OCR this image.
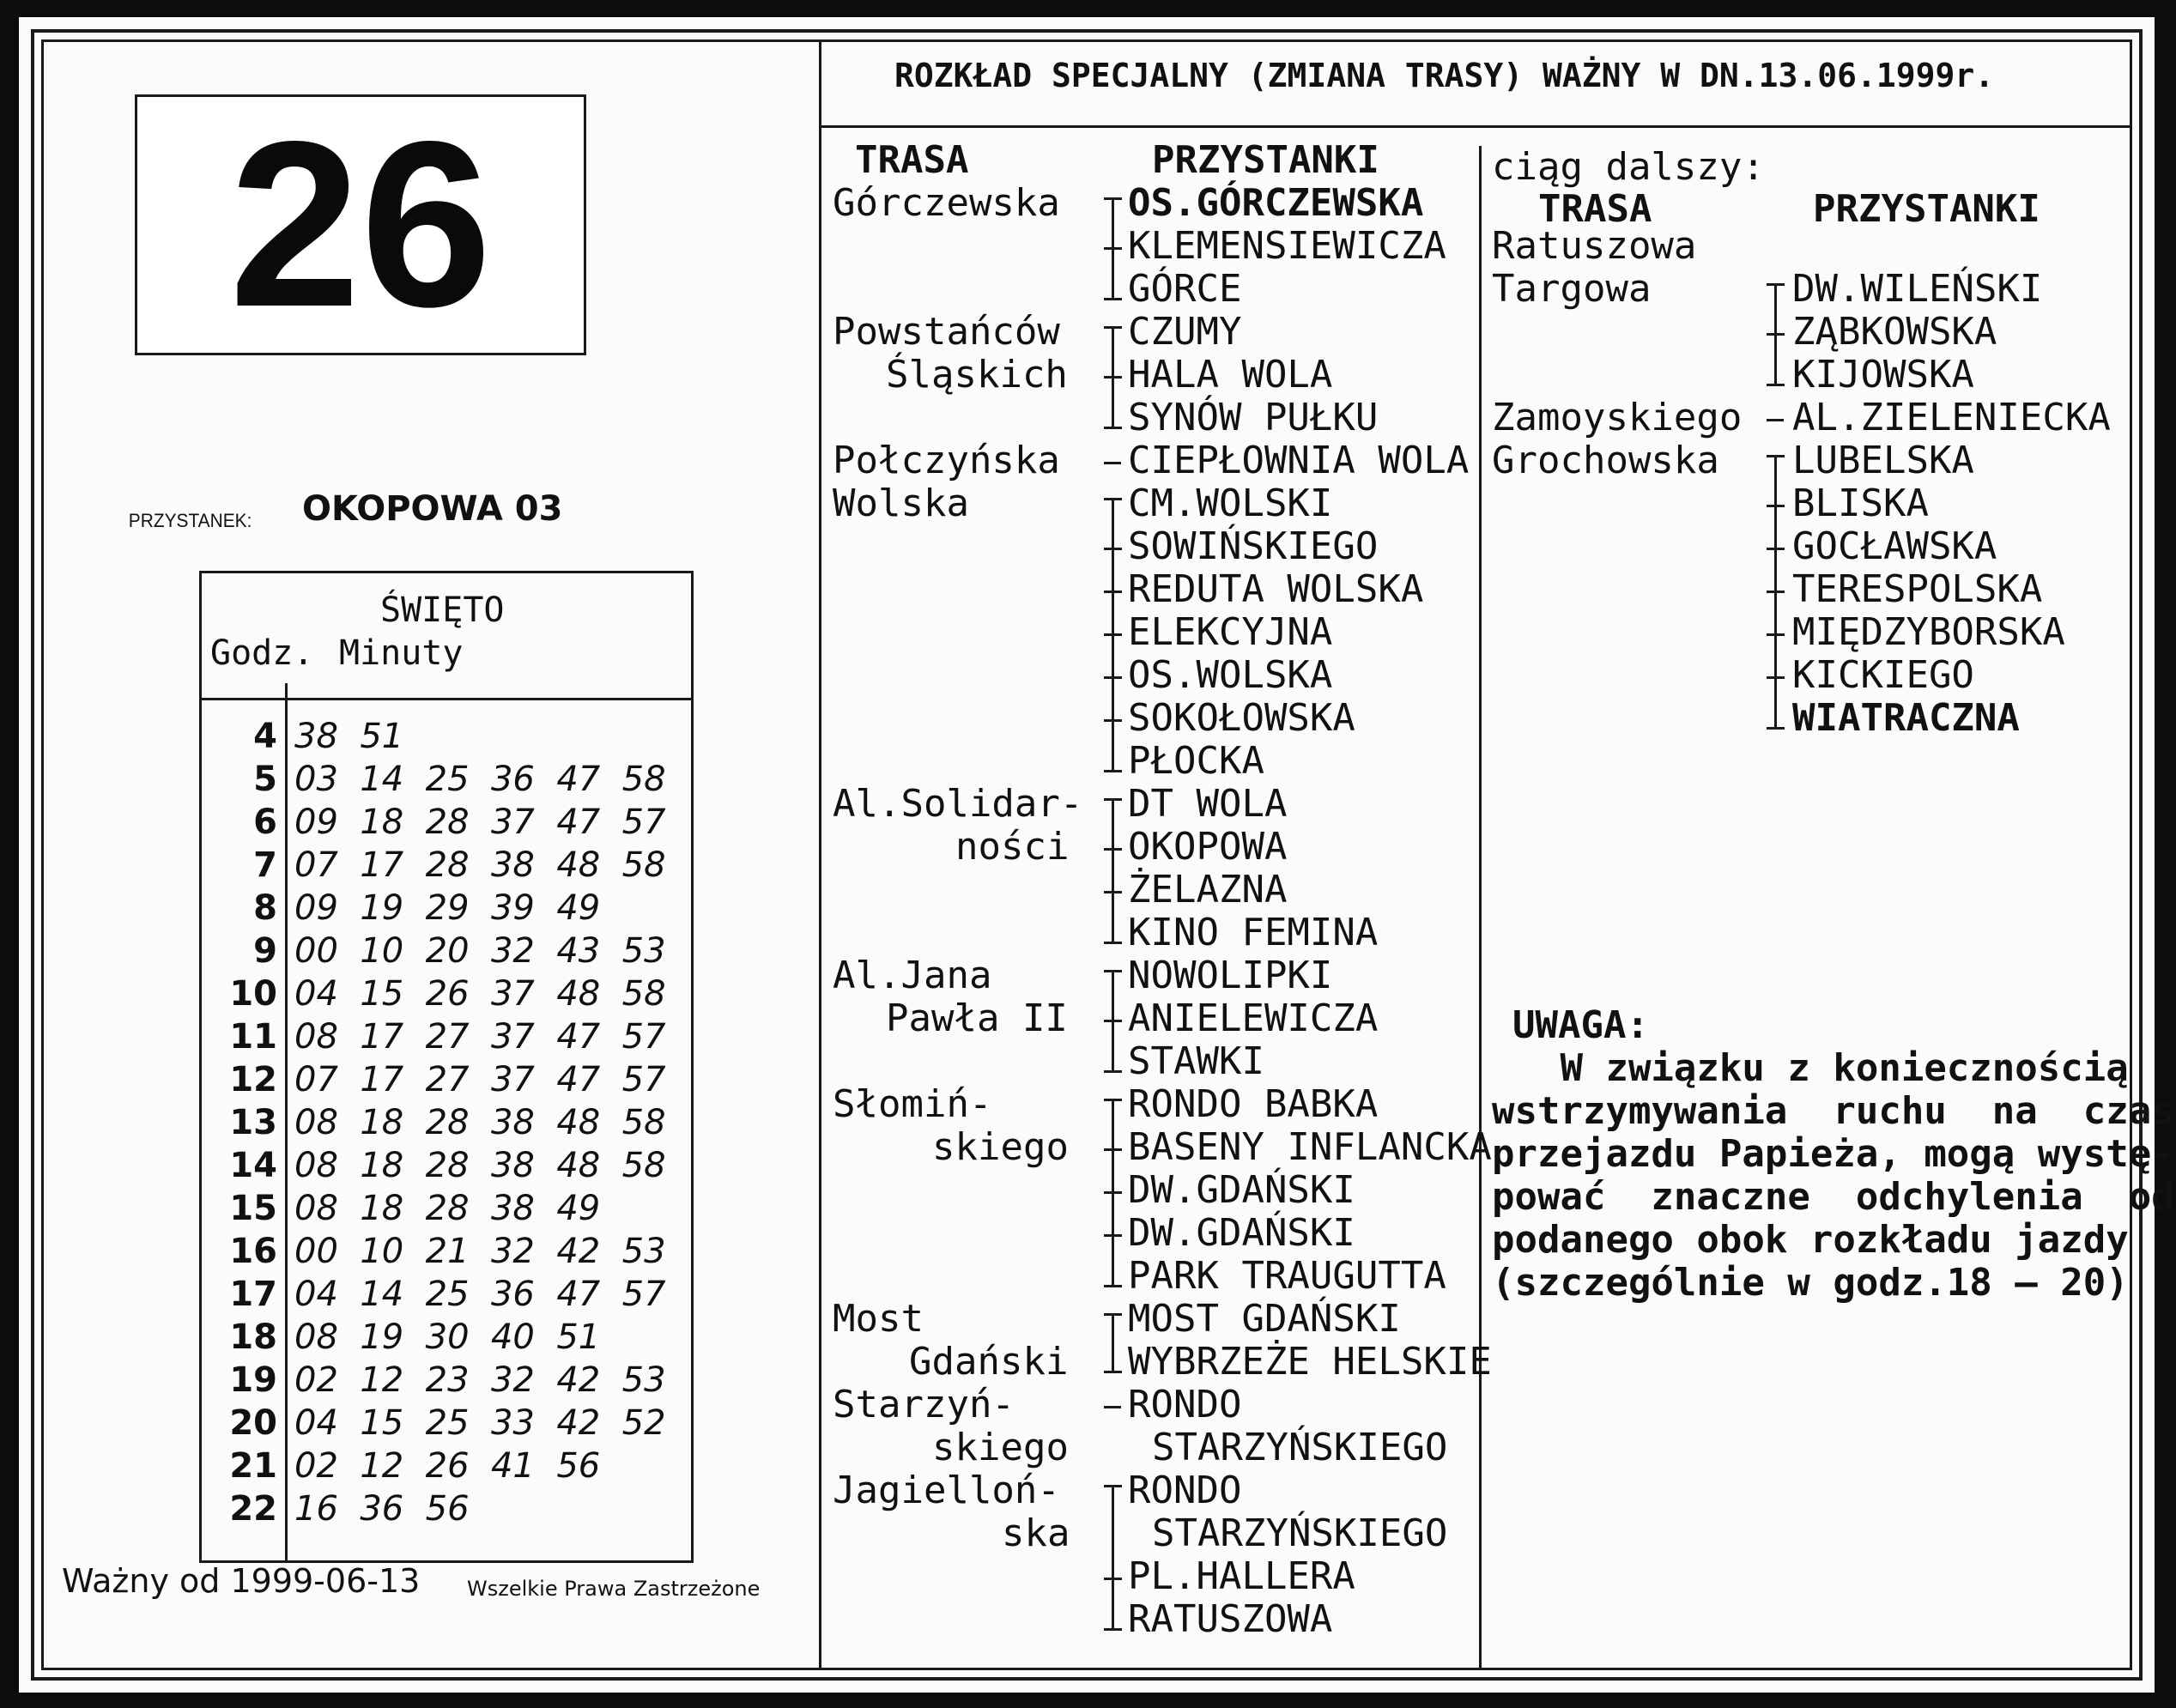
26
PRZYSTANEK: OKOPOWA 03
ŚWIĘTO
Godz. Minuty
4 38  51
5 03  14  25  36  47  58
6 09  18  28  37  47  57
7 07  17  28  38  48  58
8 09  19  29  39  49
9 00  10  20  32  43  53
10 04  15  26  37  48  58
11 08  17  27  37  47  57
12 07  17  27  37  47  57
13 08  18  28  38  48  58
14 08  18  28  38  48  58
15 08  18  28  38  49
16 00  10  21  32  42  53
17 04  14  25  36  47  57
18 08  19  30  40  51
19 02  12  23  32  42  53
20 04  15  25  33  42  52
21 02  12  26  41  56
22 16  36  56
Ważny od 1999-06-13 Wszelkie Prawa Zastrzeżone
ROZKŁAD SPECJALNY (ZMIANA TRASY) WAŻNY W DN.13.06.1999r.
TRASA	PRZYSTANKI
Górczewska
Powstańców
Śląskich
Połczyńska
Wolska
Al.Solidar-
ności
Al.Jana
Pawła II
Słomiń-
skiego
Most
Gdański
Starzyń-
skiego
Jagielloń-
ska
OS.GÓRCZEWSKA
KLEMENSIEWICZA
GÓRCE
CZUMY
HALA WOLA
SYNÓW PUŁKU
CIEPŁOWNIA WOLA
CM.WOLSKI
SOWIŃSKIEGO
REDUTA WOLSKA
ELEKCYJNA
OS.WOLSKA
SOKOŁOWSKA
PŁOCKA
DT WOLA
OKOPOWA
ŻELAZNA
KINO FEMINA
NOWOLIPKI
ANIELEWICZA
STAWKI
RONDO BABKA
BASENY INFLANCKA
DW.GDAŃSKI
DW.GDAŃSKI
PARK TRAUGUTTA
MOST GDAŃSKI
WYBRZEŻE HELSKIE
RONDO
STARZYŃSKIEGO
RONDO
STARZYŃSKIEGO
PL.HALLERA
RATUSZOWA
ciąg dalszy:
TRASA	PRZYSTANKI
Ratuszowa
Targowa
Zamoyskiego
Grochowska
DW.WILEŃSKI
ZĄBKOWSKA
KIJOWSKA
AL.ZIELENIECKA
LUBELSKA
BLISKA
GOCŁAWSKA
TERESPOLSKA
MIĘDZYBORSKA
KICKIEGO
WIATRACZNA
UWAGA:
W związku z koniecznością
wstrzymywania  ruchu  na  czas
przejazdu Papieża, mogą wystę-
pować  znaczne  odchylenia  od
podanego obok rozkładu jazdy
(szczególnie w godz.18 – 20)
